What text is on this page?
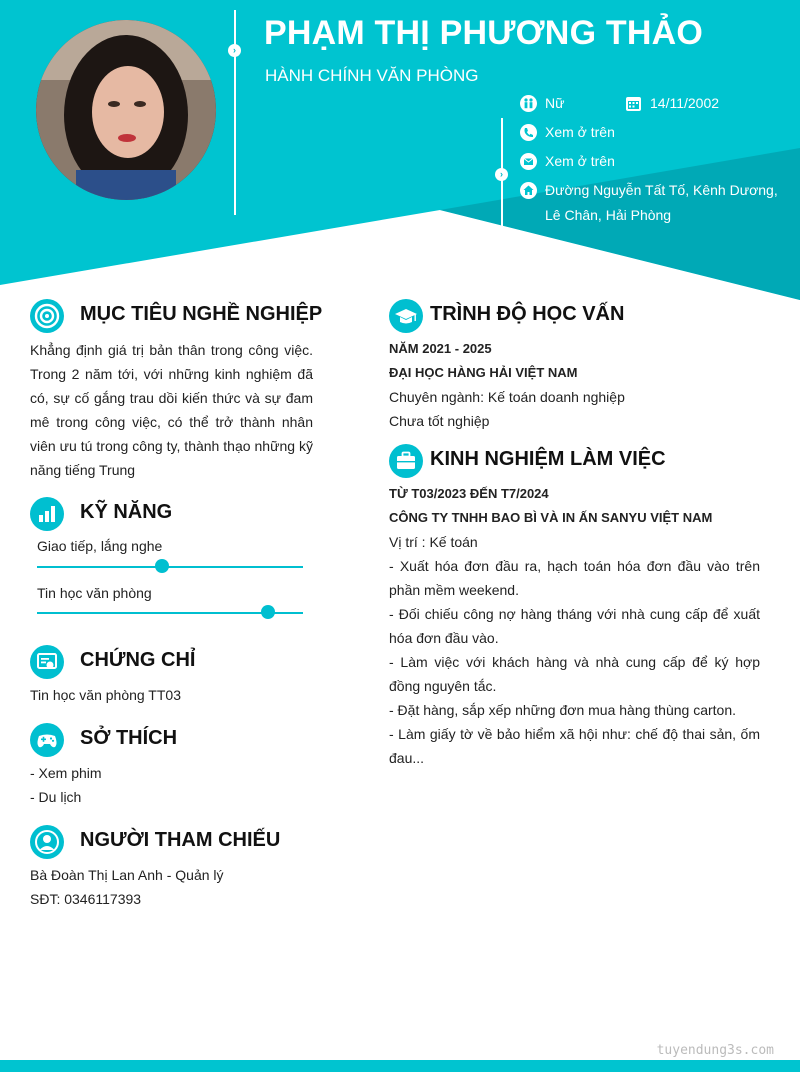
›
›
PHẠM THỊ PHƯƠNG THẢO
HÀNH CHÍNH VĂN PHÒNG
Nữ	14/11/2002
Xem ở trên
Xem ở trên
Đường Nguyễn Tất Tố, Kênh Dương,
Lê Chân, Hải Phòng
MỤC TIÊU NGHỀ NGHIỆP
Khẳng định giá trị bản thân trong công việc. Trong 2 năm tới, với những kinh nghiệm đã có, sự cố gắng trau dồi kiến thức và sự đam mê trong công việc, có thể trở thành nhân viên ưu tú trong công ty, thành thạo những kỹ năng tiếng Trung
KỸ NĂNG
Giao tiếp, lắng nghe
Tin học văn phòng
CHỨNG CHỈ
Tin học văn phòng TT03
SỞ THÍCH
- Xem phim
- Du lịch
NGƯỜI THAM CHIẾU
Bà Đoàn Thị Lan Anh - Quản lý
SĐT: 0346117393
TRÌNH ĐỘ HỌC VẤN
NĂM 2021 - 2025
ĐẠI HỌC HÀNG HẢI VIỆT NAM
Chuyên ngành: Kế toán doanh nghiệp
Chưa tốt nghiệp
KINH NGHIỆM LÀM VIỆC
TỪ T03/2023 ĐẾN T7/2024
CÔNG TY TNHH BAO BÌ VÀ IN ẤN SANYU VIỆT NAM
Vị trí : Kế toán
- Xuất hóa đơn đầu ra, hạch toán hóa đơn đầu vào trên phần mềm weekend.
- Đối chiếu công nợ hàng tháng với nhà cung cấp để xuất hóa đơn đầu vào.
- Làm việc với khách hàng và nhà cung cấp để ký hợp đồng nguyên tắc.
- Đặt hàng, sắp xếp những đơn mua hàng thùng carton.
- Làm giấy tờ về bảo hiểm xã hội như: chế độ thai sản, ốm đau...
tuyendung3s.com
